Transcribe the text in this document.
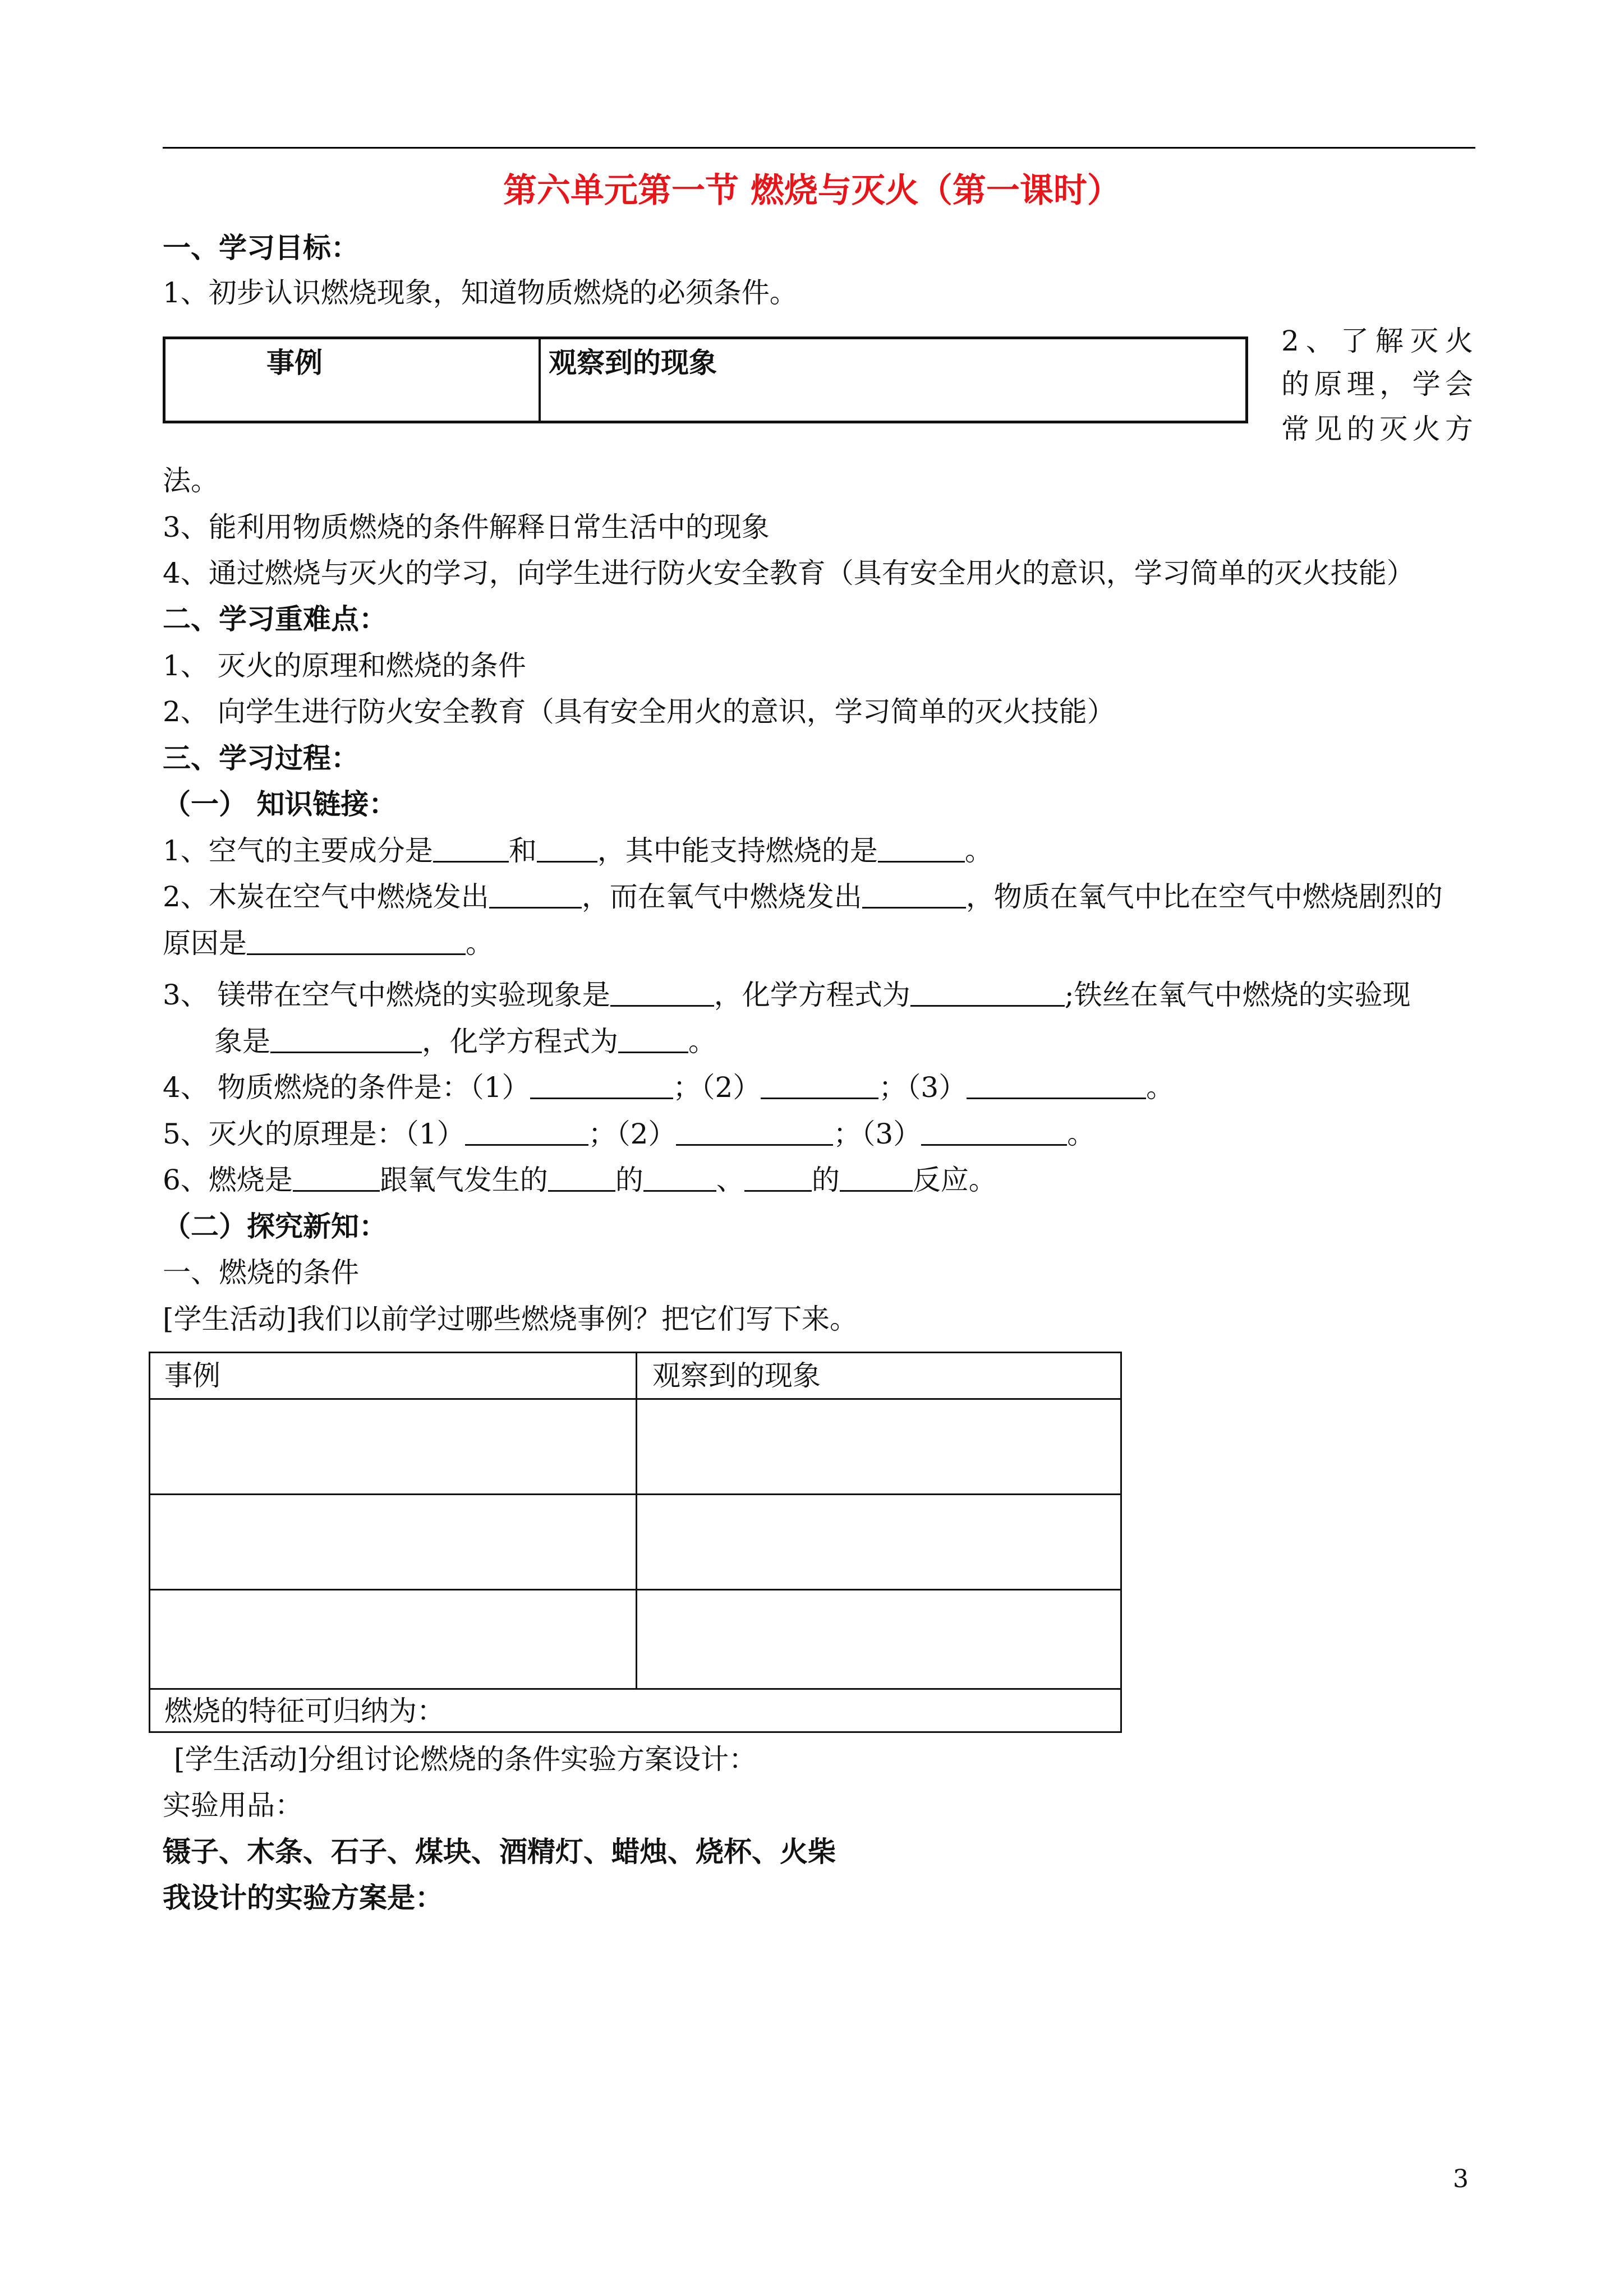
第六单元第一节 燃烧与灭火（第一课时）
一、学习目标：
1、初步认识燃烧现象，知道物质燃烧的必须条件。
事例	观察到的现象
2、了解灭火
的原理，学会
常见的灭火方
法。
3、能利用物质燃烧的条件解释日常生活中的现象
4、通过燃烧与灭火的学习，向学生进行防火安全教育（具有安全用火的意识，学习简单的灭火技能）
二、学习重难点：
1、 灭火的原理和燃烧的条件
2、 向学生进行防火安全教育（具有安全用火的意识，学习简单的灭火技能）
三、学习过程：
（一） 知识链接：
1、空气的主要成分是	和 ，其中能支持燃烧的是	。
2、木炭在空气中燃烧发出	，而在氧气中燃烧发出	，物质在氧气中比在空气中燃烧剧烈的
原因是	。
3、 镁带在空气中燃烧的实验现象是	，化学方程式为	;铁丝在氧气中燃烧的实验现
象是	，化学方程式为	。
4、 物质燃烧的条件是：（1）	；（2）	；（3）	。
5、灭火的原理是：（1）	；（2）	；（3）	。
6、燃烧是	跟氧气发生的 的	、 的	反应。
（二）探究新知：
一、燃烧的条件
[学生活动]我们以前学过哪些燃烧事例？把它们写下来。
事例	观察到的现象
燃烧的特征可归纳为：
[学生活动]分组讨论燃烧的条件实验方案设计：
实验用品：
镊子、木条、石子、煤块、酒精灯、蜡烛、烧杯、火柴
我设计的实验方案是：
3
